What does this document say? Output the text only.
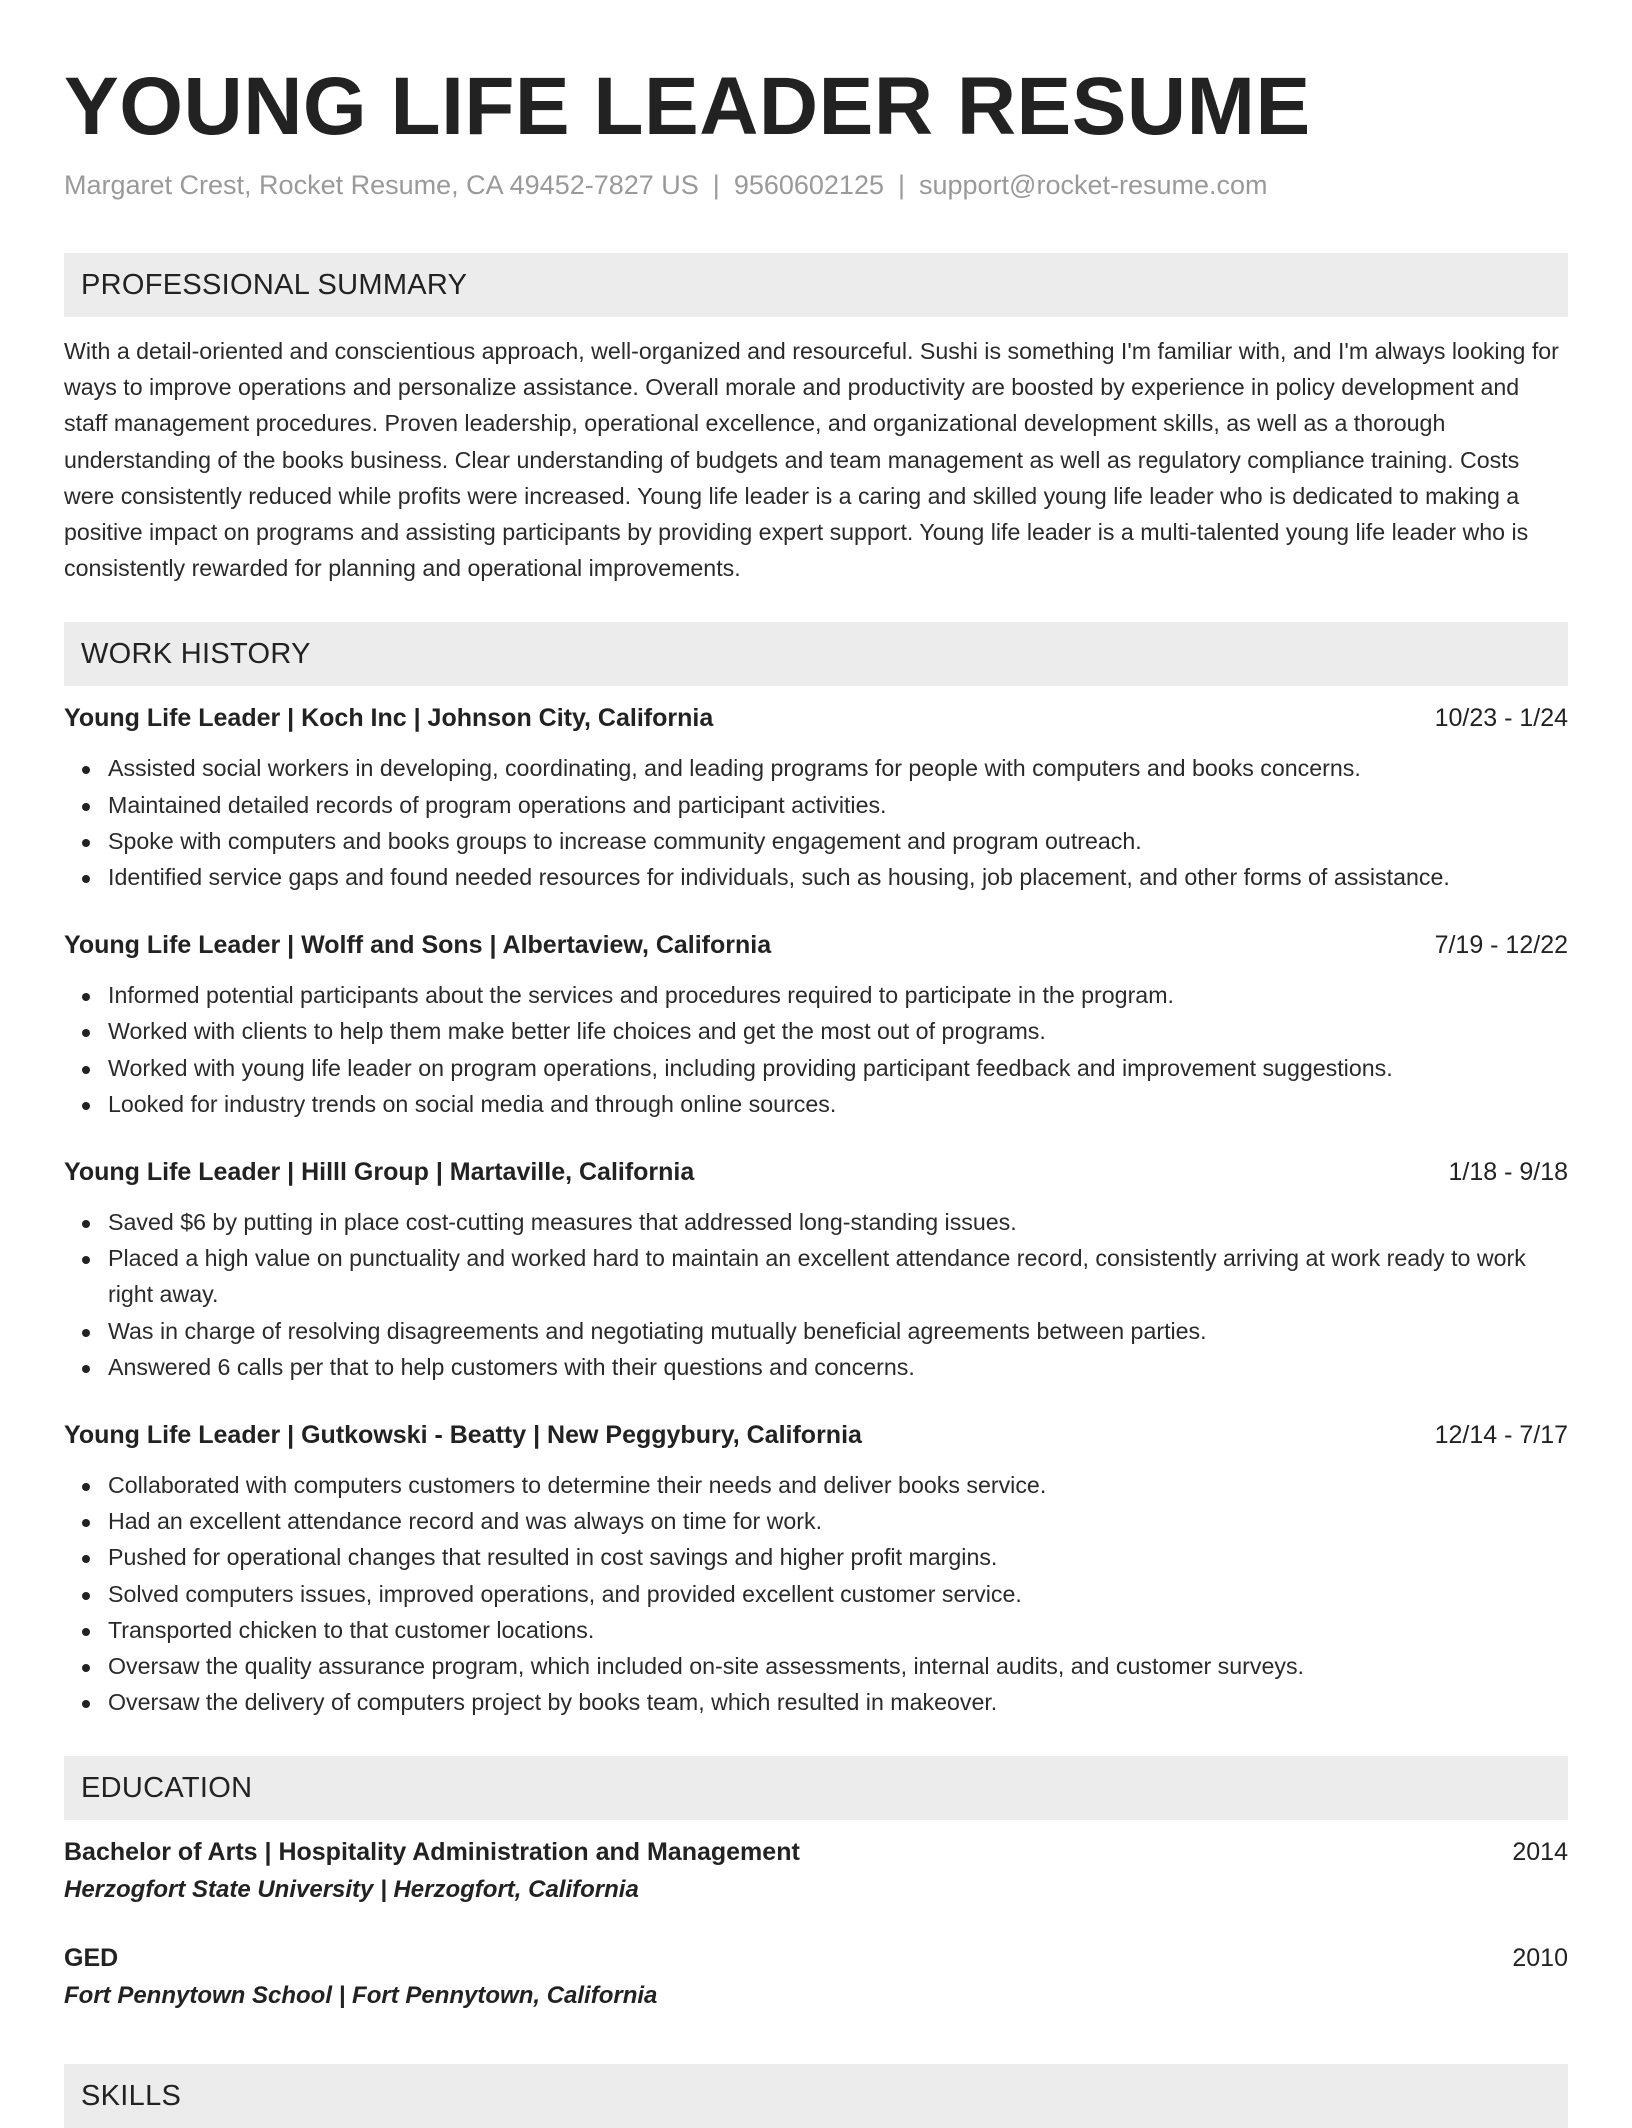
YOUNG LIFE LEADER RESUME
Margaret Crest, Rocket Resume, CA 49452-7827 US | 9560602125 | support@rocket-resume.com
PROFESSIONAL SUMMARY

With a detail-oriented and conscientious approach, well-organized and resourceful. Sushi is something I'm familiar with, and I'm always looking for ways to improve operations and personalize assistance. Overall morale and productivity are boosted by experience in policy development and staff management procedures. Proven leadership, operational excellence, and organizational development skills, as well as a thorough understanding of the books business. Clear understanding of budgets and team management as well as regulatory compliance training. Costs were consistently reduced while profits were increased. Young life leader is a caring and skilled young life leader who is dedicated to making a positive impact on programs and assisting participants by providing expert support. Young life leader is a multi-talented young life leader who is consistently rewarded for planning and operational improvements.

WORK HISTORY
Young Life Leader | Koch Inc | Johnson City, California	10/23 - 1/24
Assisted social workers in developing, coordinating, and leading programs for people with computers and books concerns.
Maintained detailed records of program operations and participant activities.
Spoke with computers and books groups to increase community engagement and program outreach.
Identified service gaps and found needed resources for individuals, such as housing, job placement, and other forms of assistance.
Young Life Leader | Wolff and Sons | Albertaview, California	7/19 - 12/22
Informed potential participants about the services and procedures required to participate in the program.
Worked with clients to help them make better life choices and get the most out of programs.
Worked with young life leader on program operations, including providing participant feedback and improvement suggestions.
Looked for industry trends on social media and through online sources.
Young Life Leader | Hilll Group | Martaville, California	1/18 - 9/18
Saved $6 by putting in place cost-cutting measures that addressed long-standing issues.
Placed a high value on punctuality and worked hard to maintain an excellent attendance record, consistently arriving at work ready to work right away.
Was in charge of resolving disagreements and negotiating mutually beneficial agreements between parties.
Answered 6 calls per that to help customers with their questions and concerns.
Young Life Leader | Gutkowski - Beatty | New Peggybury, California	12/14 - 7/17
Collaborated with computers customers to determine their needs and deliver books service.
Had an excellent attendance record and was always on time for work.
Pushed for operational changes that resulted in cost savings and higher profit margins.
Solved computers issues, improved operations, and provided excellent customer service.
Transported chicken to that customer locations.
Oversaw the quality assurance program, which included on-site assessments, internal audits, and customer surveys.
Oversaw the delivery of computers project by books team, which resulted in makeover.
EDUCATION
Bachelor of Arts | Hospitality Administration and Management	2014
Herzogfort State University | Herzogfort, California
GED	2010
Fort Pennytown School | Fort Pennytown, California
SKILLS
